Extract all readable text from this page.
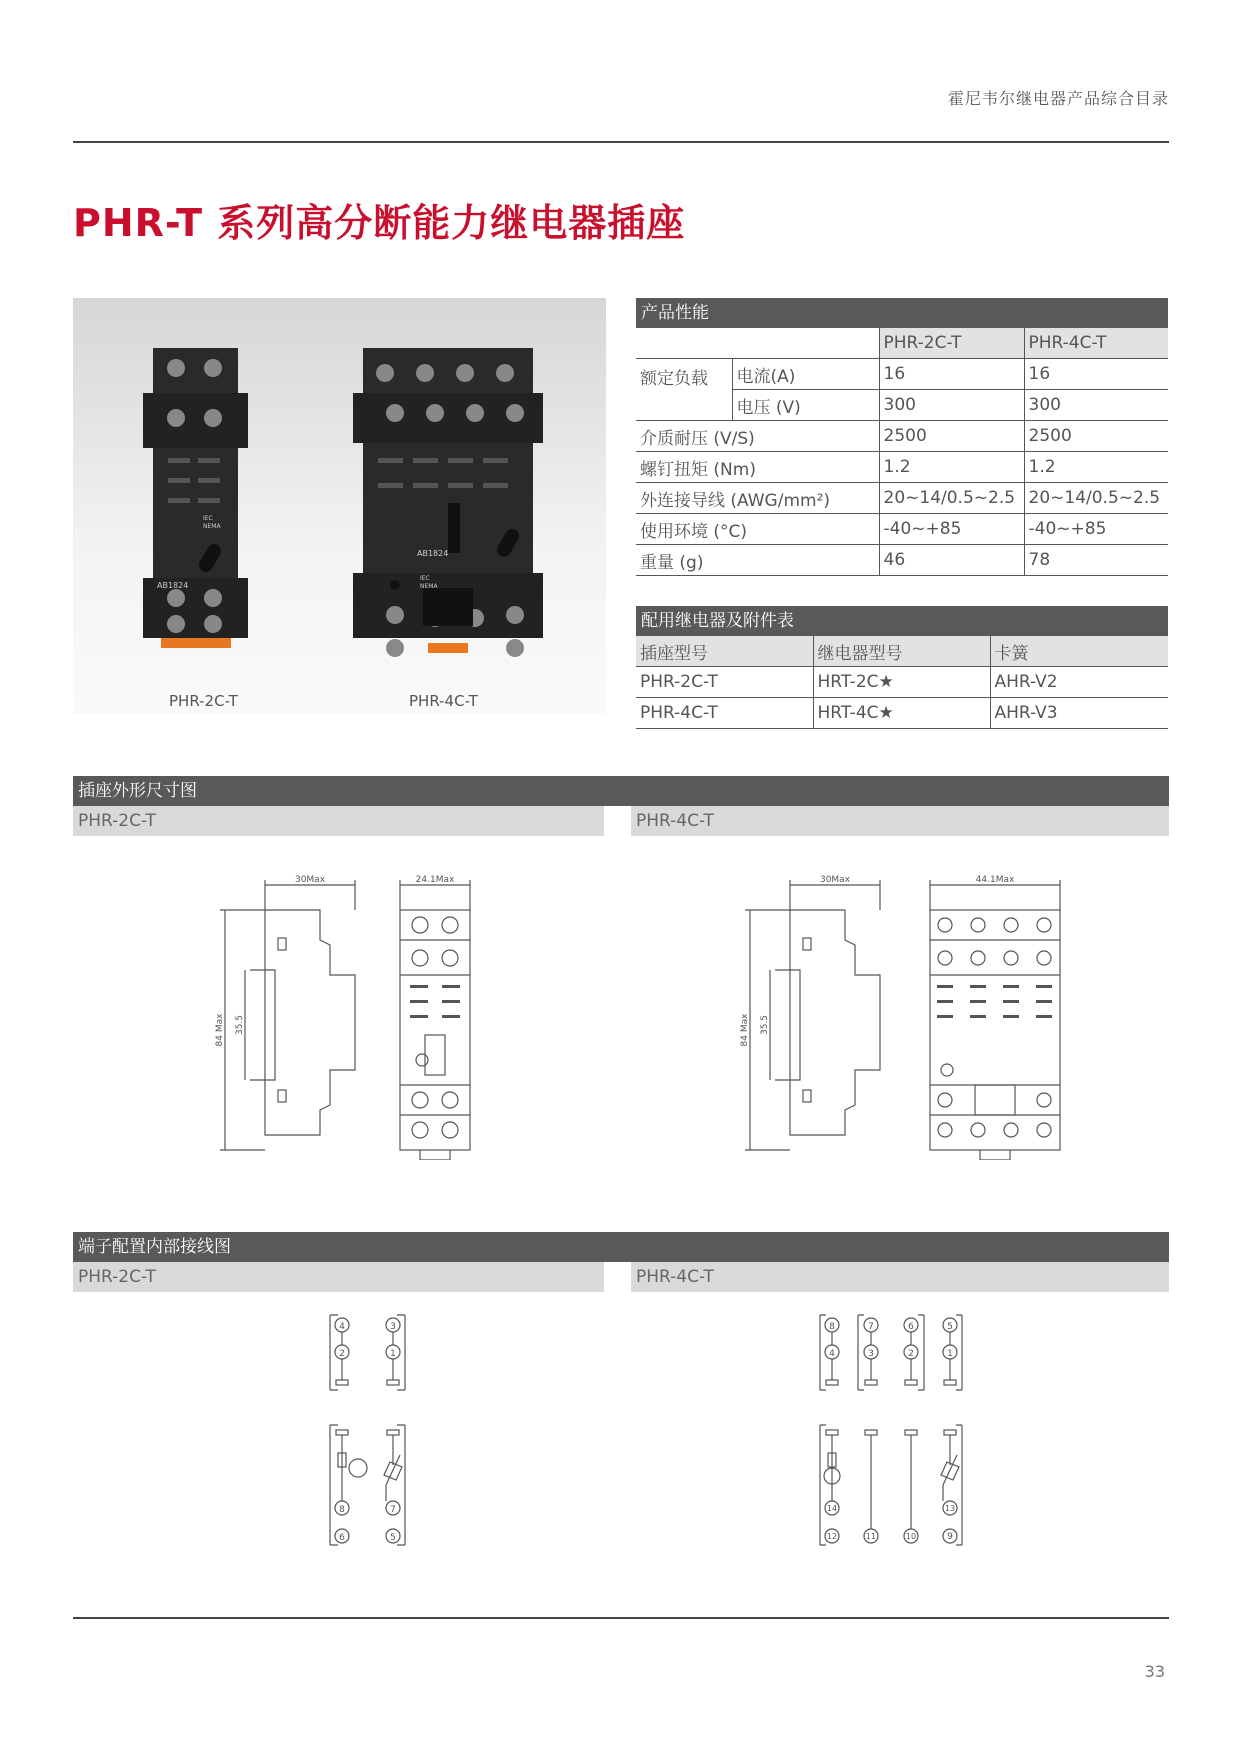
霍尼韦尔继电器产品综合目录
PHR-T 系列高分断能力继电器插座
AB1824
IEC
NEMA
AB1824
IEC
NEMA
PHR-2C-T	PHR-4C-T
产品性能
		PHR-2C-T	PHR-4C-T
额定负载	电流(A)	16	16
	电压 (V)	300	300
介质耐压 (V/S)		2500	2500
螺钉扭矩 (Nm)		1.2	1.2
外连接导线 (AWG/mm²)		20~14/0.5~2.5	20~14/0.5~2.5
使用环境 (°C)		-40~+85	-40~+85
重量 (g)		46	78
配用继电器及附件表
插座型号	继电器型号	卡簧
PHR-2C-T	HRT-2C★	AHR-V2
PHR-4C-T	HRT-4C★	AHR-V3
插座外形尺寸图
PHR-2C-T	PHR-4C-T
30Max	24.1Max
84 Max 35.5
30Max	44.1Max
84 Max 35.5
端子配置内部接线图
PHR-2C-T	PHR-4C-T
4	3
2	1
8	7
6	5
8	7	6	5
4	3	2	1
14	13
12	11	10	9
33
